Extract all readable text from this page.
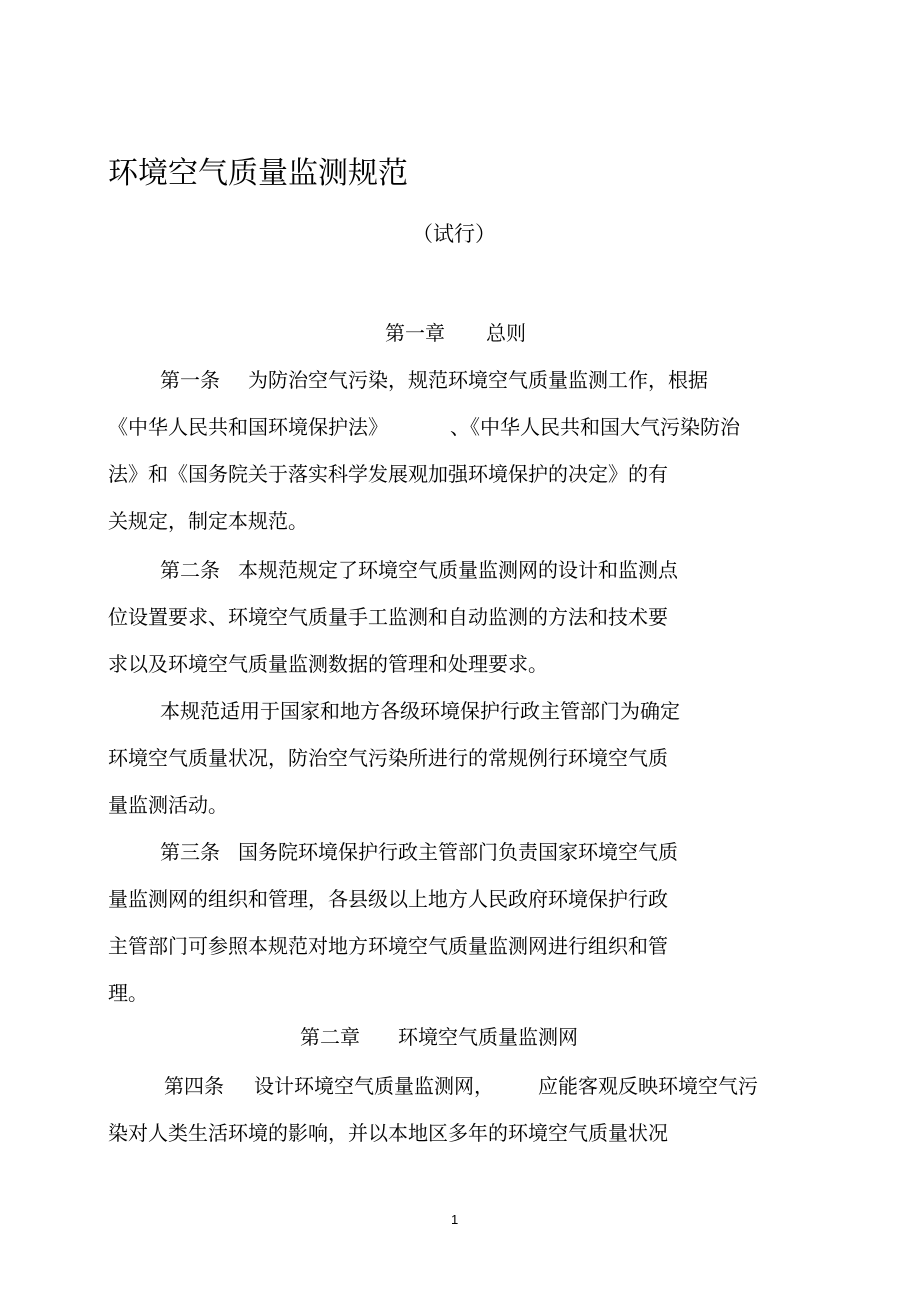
环境空气质量监测规范
（试行）
第一章 总则
第一条 为防治空气污染，规范环境空气质量监测工作，根据
《中华人民共和国环境保护法》	、《中华人民共和国大气污染防治
法》和《国务院关于落实科学发展观加强环境保护的决定》的有
关规定，制定本规范。
第二条 本规范规定了环境空气质量监测网的设计和监测点
位设置要求、环境空气质量手工监测和自动监测的方法和技术要
求以及环境空气质量监测数据的管理和处理要求。
本规范适用于国家和地方各级环境保护行政主管部门为确定
环境空气质量状况，防治空气污染所进行的常规例行环境空气质
量监测活动。
第三条 国务院环境保护行政主管部门负责国家环境空气质
量监测网的组织和管理，各县级以上地方人民政府环境保护行政
主管部门可参照本规范对地方环境空气质量监测网进行组织和管
理。
第二章 环境空气质量监测网
第四条 设计环境空气质量监测网， 应能客观反映环境空气污
染对人类生活环境的影响，并以本地区多年的环境空气质量状况
1
